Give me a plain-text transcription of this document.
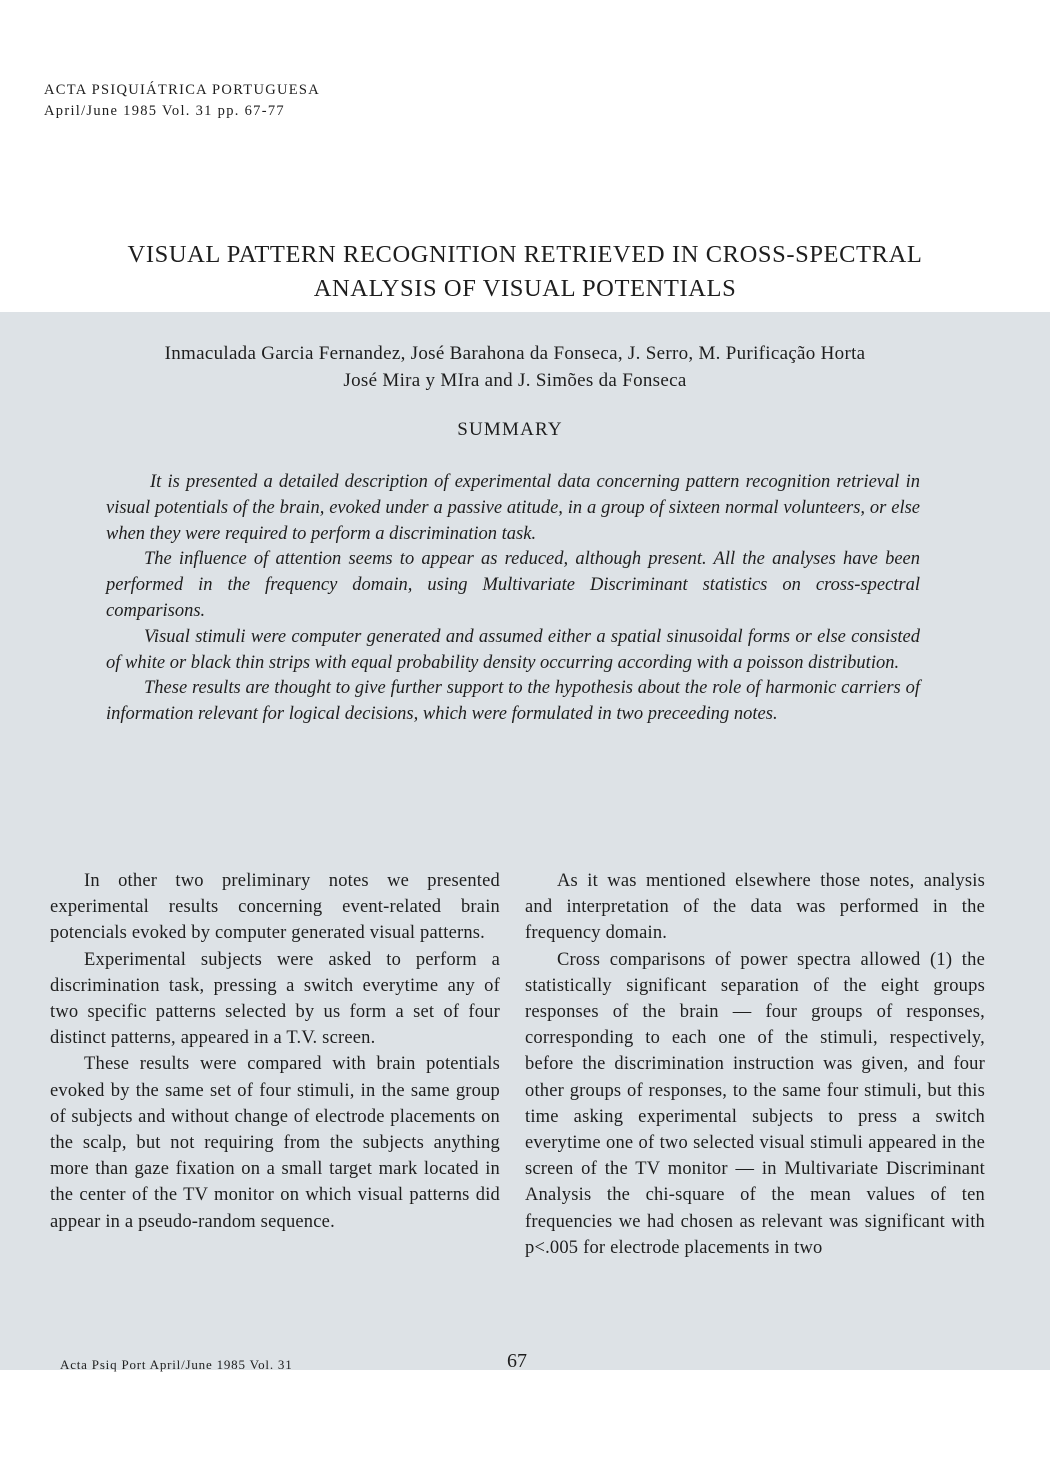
ACTA PSIQUIÁTRICA PORTUGUESA
April/June 1985 Vol. 31 pp. 67-77
VISUAL PATTERN RECOGNITION RETRIEVED IN CROSS-SPECTRAL
ANALYSIS OF VISUAL POTENTIALS
Inmaculada Garcia Fernandez, José Barahona da Fonseca, J. Serro, M. Purificação Horta
José Mira y MIra and J. Simões da Fonseca
SUMMARY

It is presented a detailed description of experimental data concerning pattern recognition retrieval in visual potentials of the brain, evoked under a passive atitude, in a group of sixteen normal volunteers, or else when they were required to perform a discrimination task.

The influence of attention seems to appear as reduced, although present. All the analyses have been performed in the frequency domain, using Multivariate Discriminant statistics on cross-spectral comparisons.

Visual stimuli were computer generated and assumed either a spatial sinusoidal forms or else consisted of white or black thin strips with equal probability density occurring according with a poisson distribution.

These results are thought to give further support to the hypothesis about the role of harmonic carriers of information relevant for logical decisions, which were formulated in two preceeding notes.

In other two preliminary notes we presented experimental results concerning event-related brain potencials evoked by computer generated visual patterns.

Experimental subjects were asked to perform a discrimination task, pressing a switch everytime any of two specific patterns selected by us form a set of four distinct patterns, appeared in a T.V. screen.

These results were compared with brain potentials evoked by the same set of four stimuli, in the same group of subjects and without change of electrode placements on the scalp, but not requiring from the subjects anything more than gaze fixation on a small target mark located in the center of the TV monitor on which visual patterns did appear in a pseudo-random sequence.

As it was mentioned elsewhere those notes, analysis and interpretation of the data was performed in the frequency domain.

Cross comparisons of power spectra allowed (1) the statistically significant separation of the eight groups responses of the brain — four groups of responses, corresponding to each one of the stimuli, respectively, before the discrimination instruction was given, and four other groups of responses, to the same four stimuli, but this time asking experimental subjects to press a switch everytime one of two selected visual stimuli appeared in the screen of the TV monitor — in Multivariate Discriminant Analysis the chi-square of the mean values of ten frequencies we had chosen as relevant was significant with p<.005 for electrode placements in two

Acta Psiq Port April/June 1985 Vol. 31	67
